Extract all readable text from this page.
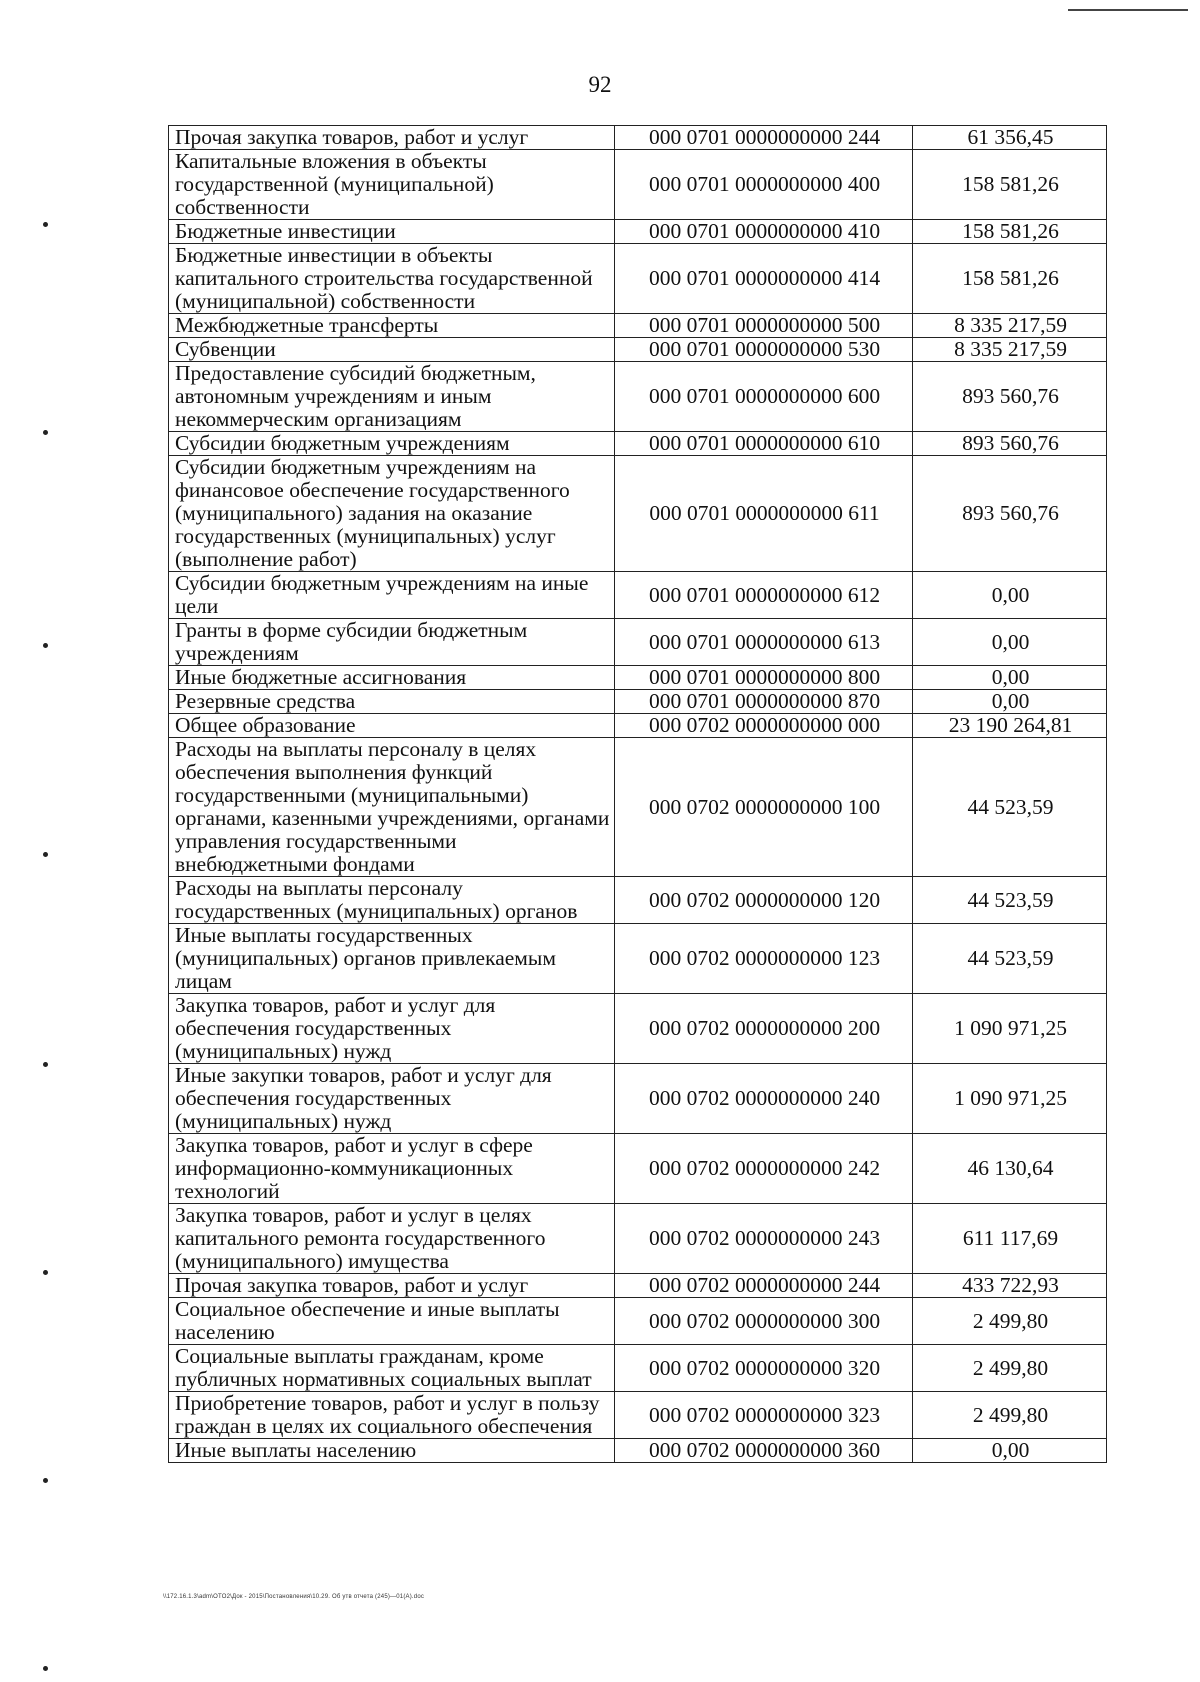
92
Прочая закупка товаров, работ и услуг	000 0701 0000000000 244	61 356,45
Капитальные вложения в объекты государственной (муниципальной) собственности	000 0701 0000000000 400	158 581,26
Бюджетные инвестиции	000 0701 0000000000 410	158 581,26
Бюджетные инвестиции в объекты капитального строительства государственной (муниципальной) собственности	000 0701 0000000000 414	158 581,26
Межбюджетные трансферты	000 0701 0000000000 500	8 335 217,59
Субвенции	000 0701 0000000000 530	8 335 217,59
Предоставление субсидий бюджетным, автономным учреждениям и иным некоммерческим организациям	000 0701 0000000000 600	893 560,76
Субсидии бюджетным учреждениям	000 0701 0000000000 610	893 560,76
Субсидии бюджетным учреждениям на финансовое обеспечение государственного (муниципального) задания на оказание государственных (муниципальных) услуг (выполнение работ)	000 0701 0000000000 611	893 560,76
Субсидии бюджетным учреждениям на иные цели	000 0701 0000000000 612	0,00
Гранты в форме субсидии бюджетным учреждениям	000 0701 0000000000 613	0,00
Иные бюджетные ассигнования	000 0701 0000000000 800	0,00
Резервные средства	000 0701 0000000000 870	0,00
Общее образование	000 0702 0000000000 000	23 190 264,81
Расходы на выплаты персоналу в целях обеспечения выполнения функций государственными (муниципальными) органами, казенными учреждениями, органами управления государственными внебюджетными фондами	000 0702 0000000000 100	44 523,59
Расходы на выплаты персоналу государственных (муниципальных) органов	000 0702 0000000000 120	44 523,59
Иные выплаты государственных (муниципальных) органов привлекаемым лицам	000 0702 0000000000 123	44 523,59
Закупка товаров, работ и услуг для обеспечения государственных (муниципальных) нужд	000 0702 0000000000 200	1 090 971,25
Иные закупки товаров, работ и услуг для обеспечения государственных (муниципальных) нужд	000 0702 0000000000 240	1 090 971,25
Закупка товаров, работ и услуг в сфере информационно-коммуникационных технологий	000 0702 0000000000 242	46 130,64
Закупка товаров, работ и услуг в целях капитального ремонта государственного (муниципального) имущества	000 0702 0000000000 243	611 117,69
Прочая закупка товаров, работ и услуг	000 0702 0000000000 244	433 722,93
Социальное обеспечение и иные выплаты населению	000 0702 0000000000 300	2 499,80
Социальные выплаты гражданам, кроме публичных нормативных социальных выплат	000 0702 0000000000 320	2 499,80
Приобретение товаров, работ и услуг в пользу граждан в целях их социального обеспечения	000 0702 0000000000 323	2 499,80
Иные выплаты населению	000 0702 0000000000 360	0,00
\\172.16.1.3\adm\OTO2\Док - 2015\Постановления\10.29. Об утв отчета (245)—01(А).doc
